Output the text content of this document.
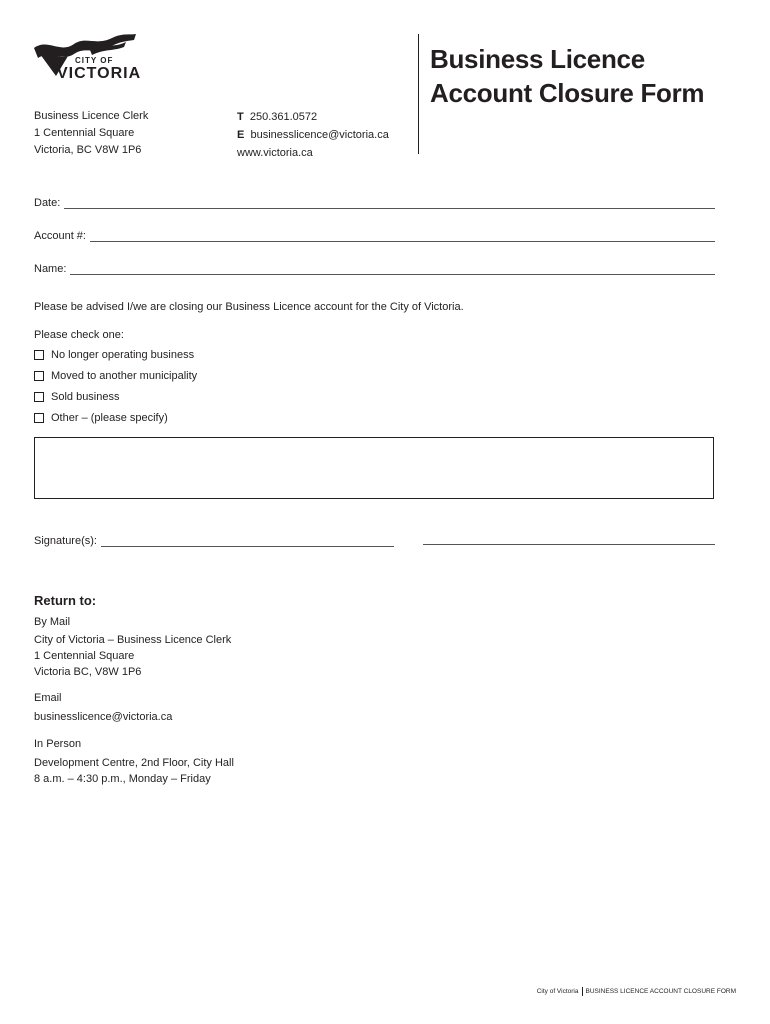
CITY OF
VICTORIA
Business Licence Clerk
1 Centennial Square
Victoria, BC V8W 1P6
T 250.361.0572
E businesslicence@victoria.ca
www.victoria.ca
Business Licence
Account Closure Form
Date:
Account #:
Name:
Please be advised I/we are closing our Business Licence account for the City of Victoria.
Please check one:
No longer operating business
Moved to another municipality
Sold business
Other – (please specify)
Signature(s):
Return to:
By Mail
City of Victoria – Business Licence Clerk
1 Centennial Square
Victoria BC, V8W 1P6
Email
businesslicence@victoria.ca
In Person
Development Centre, 2nd Floor, City Hall
8 a.m. – 4:30 p.m., Monday – Friday
City of Victoria BUSINESS LICENCE ACCOUNT CLOSURE FORM
